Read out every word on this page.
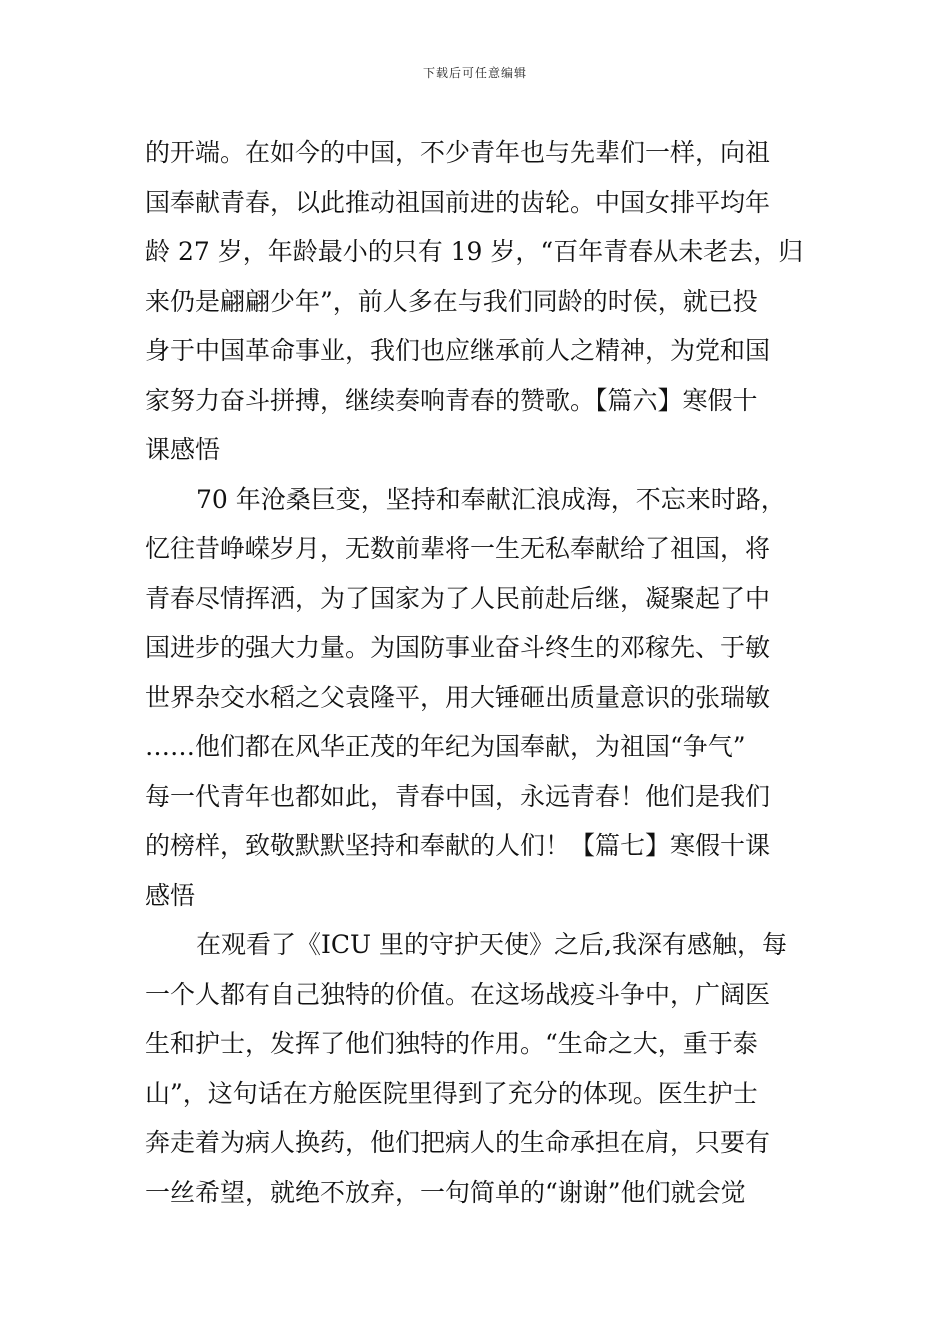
下载后可任意编辑
的开端。在如今的中国，不少青年也与先辈们一样，向祖
国奉献青春，以此推动祖国前进的齿轮。中国女排平均年
龄 27 岁，年龄最小的只有 19 岁，“百年青春从未老去，归
来仍是翩翩少年”，前人多在与我们同龄的时侯，就已投
身于中国革命事业，我们也应继承前人之精神，为党和国
家努力奋斗拼搏，继续奏响青春的赞歌。【篇六】寒假十
课感悟
70 年沧桑巨变，坚持和奉献汇浪成海，不忘来时路，
忆往昔峥嵘岁月，无数前辈将一生无私奉献给了祖国，将
青春尽情挥洒，为了国家为了人民前赴后继，凝聚起了中
国进步的强大力量。为国防事业奋斗终生的邓稼先、于敏
世界杂交水稻之父袁隆平，用大锤砸出质量意识的张瑞敏
……他们都在风华正茂的年纪为国奉献，为祖国“争气”
每一代青年也都如此，青春中国，永远青春！他们是我们
的榜样，致敬默默坚持和奉献的人们！【篇七】寒假十课
感悟
在观看了《ICU 里的守护天使》之后,我深有感触，每
一个人都有自己独特的价值。在这场战疫斗争中，广阔医
生和护士，发挥了他们独特的作用。“生命之大，重于泰
山”，这句话在方舱医院里得到了充分的体现。医生护士
奔走着为病人换药，他们把病人的生命承担在肩，只要有
一丝希望，就绝不放弃，一句简单的“谢谢”他们就会觉
